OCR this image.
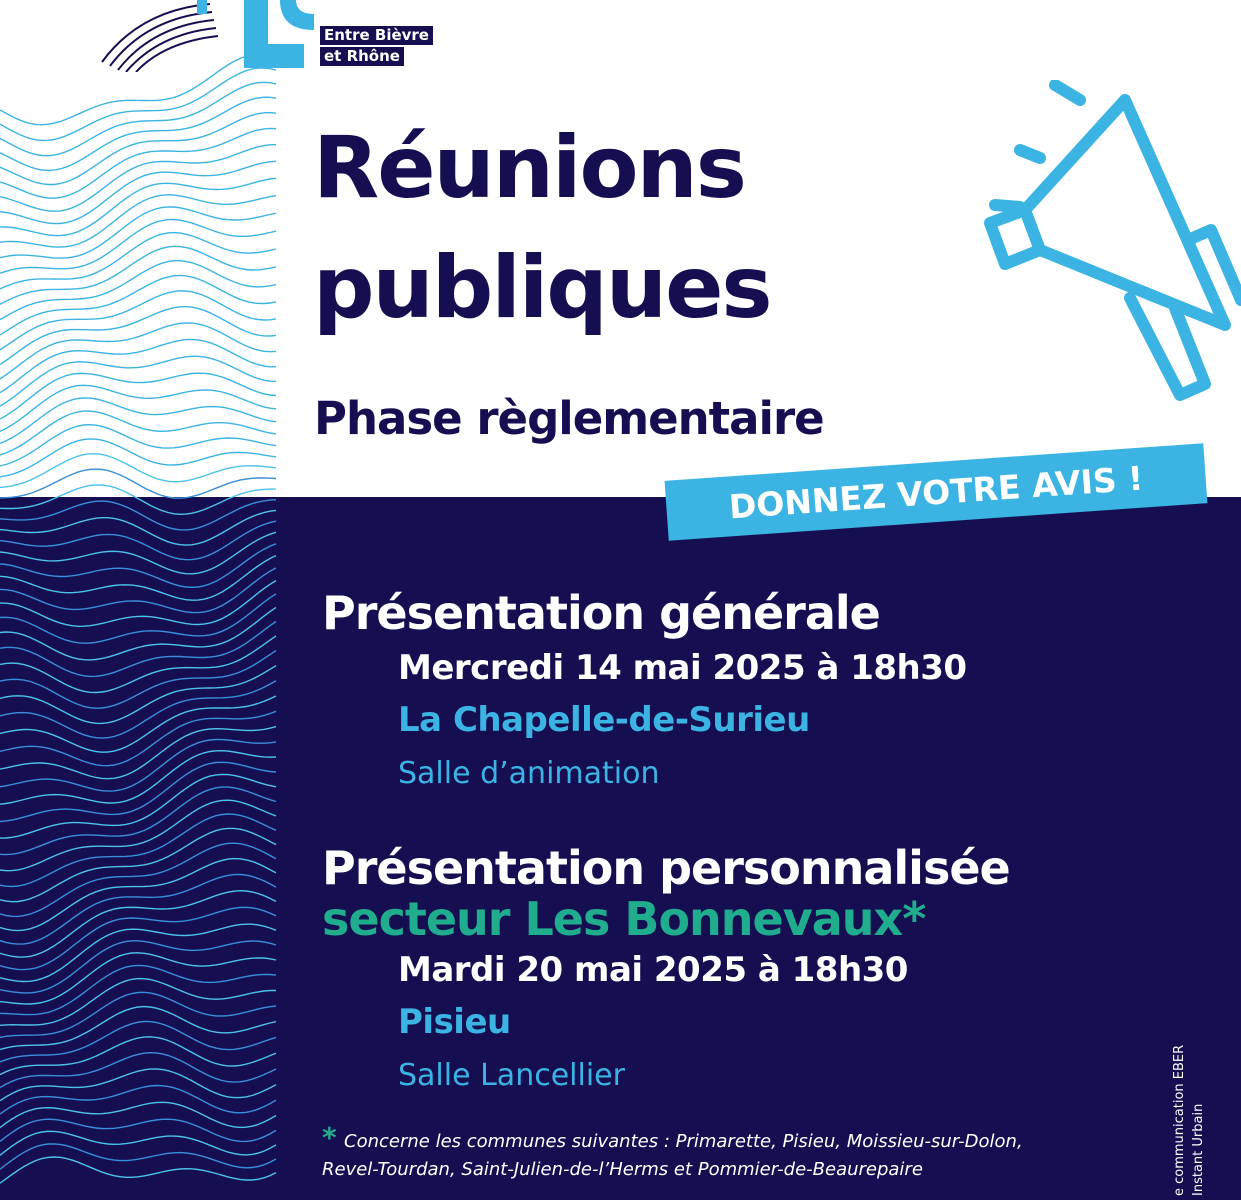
Entre Bièvre
et Rhône
Réunions
publiques
Phase règlementaire
DONNEZ VOTRE AVIS !
Présentation générale
Mercredi 14 mai 2025 à 18h30
La Chapelle-de-Surieu
Salle d’animation
Présentation personnalisée
secteur Les Bonnevaux*
Mardi 20 mai 2025 à 18h30
Pisieu
Salle Lancellier
* Concerne les communes suivantes : Primarette, Pisieu, Moissieu-sur-Dolon,

Revel-Tourdan, Saint-Julien-de-l’Herms et Pommier-de-Beaurepaire	e communication EBER Instant Urbain
